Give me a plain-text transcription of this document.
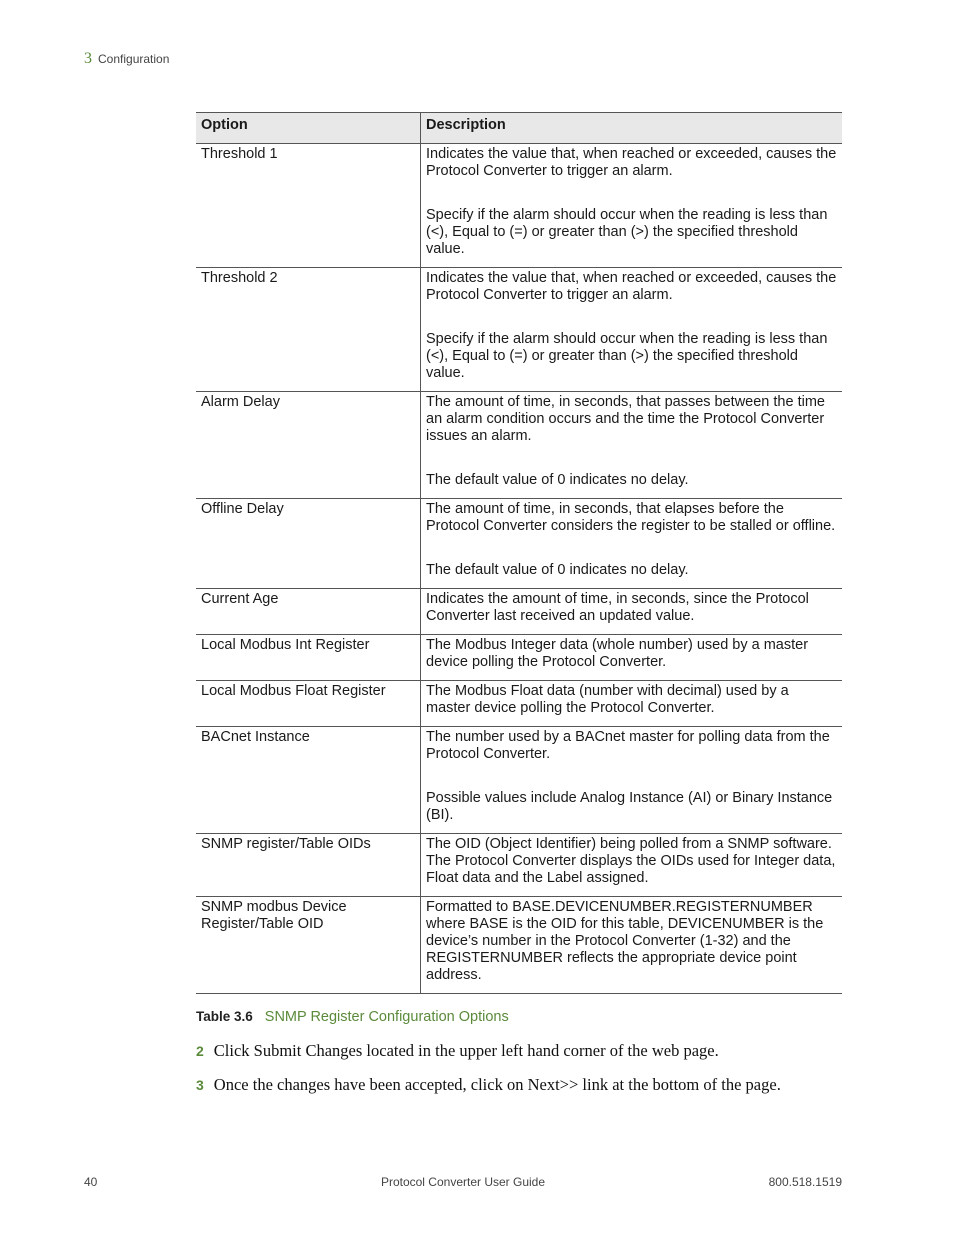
3 Configuration
Option	Description
Threshold 1	Indicates the value that, when reached or exceeded, causes the Protocol Converter to trigger an alarm.

Specify if the alarm should occur when the reading is less than (<), Equal to (=) or greater than (>) the specified threshold value.

Threshold 2	Indicates the value that, when reached or exceeded, causes the Protocol Converter to trigger an alarm.

Specify if the alarm should occur when the reading is less than (<), Equal to (=) or greater than (>) the specified threshold value.

Alarm Delay	The amount of time, in seconds, that passes between the time an alarm condition occurs and the time the Protocol Converter issues an alarm.

The default value of 0 indicates no delay.

Offline Delay	The amount of time, in seconds, that elapses before the Protocol Converter considers the register to be stalled or offline.

The default value of 0 indicates no delay.

Current Age	Indicates the amount of time, in seconds, since the Protocol Converter last received an updated value.

Local Modbus Int Register	The Modbus Integer data (whole number) used by a master device polling the Protocol Converter.

Local Modbus Float Register	The Modbus Float data (number with decimal) used by a master device polling the Protocol Converter.

BACnet Instance	The number used by a BACnet master for polling data from the Protocol Converter.

Possible values include Analog Instance (AI) or Binary Instance (BI).

SNMP register/Table OIDs	The OID (Object Identifier) being polled from a SNMP software. The Protocol Converter displays the OIDs used for Integer data, Float data and the Label assigned.

SNMP modbus Device Register/Table OID	Formatted to BASE.DEVICENUMBER.REGISTERNUMBER where BASE is the OID for this table, DEVICENUMBER is the device’s number in the Protocol Converter (1-32) and the REGISTERNUMBER reflects the appropriate device point address.

Table 3.6 SNMP Register Configuration Options
2 Click Submit Changes located in the upper left hand corner of the web page.
3 Once the changes have been accepted, click on Next>> link at the bottom of the page.
40	Protocol Converter User Guide	800.518.1519
